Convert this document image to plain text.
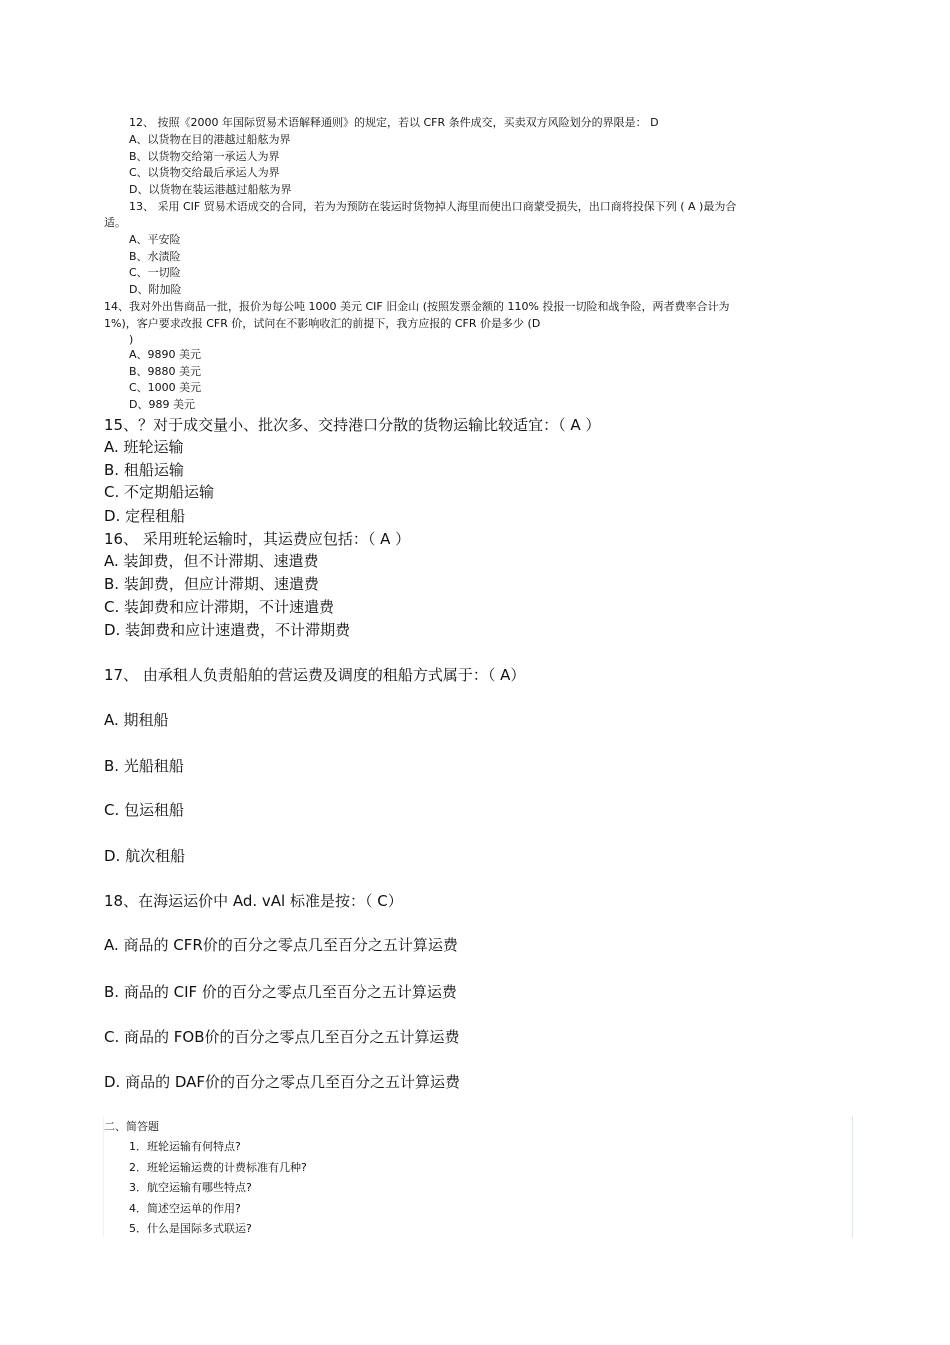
12、 按照《2000 年国际贸易术语解释通则》的规定，若以 CFR 条件成交，买卖双方风险划分的界限是： D
A、以货物在目的港越过船舷为界
B、以货物交给第一承运人为界
C、以货物交给最后承运人为界
D、以货物在装运港越过船舷为界
13、 采用 CIF 贸易术语成交的合同，若为为预防在装运时货物掉人海里而使出口商蒙受损失，出口商将投保下列 ( A )最为合
适。
A、平安险
B、水渍险
C、一切险
D、附加险
14、我对外出售商品一批，报价为每公吨 1000 美元 CIF 旧金山 (按照发票金额的 110% 投报一切险和战争险，两者费率合计为
1%)，客户要求改报 CFR 价，试问在不影响收汇的前提下，我方应报的 CFR 价是多少 (D
)
A、9890 美元
B、9880 美元
C、1000 美元
D、989 美元
15、？对于成交量小、批次多、交持港口分散的货物运输比较适宜：（ A ）
A. 班轮运输
B. 租船运输
C. 不定期船运输
D. 定程租船
16、 采用班轮运输时，其运费应包括：（ A ）
A. 装卸费，但不计滞期、速遣费
B. 装卸费，但应计滞期、速遣费
C. 装卸费和应计滞期，不计速遣费
D. 装卸费和应计速遣费，不计滞期费
17、 由承租人负责船舶的营运费及调度的租船方式属于：（ A）
A. 期租船
B. 光船租船
C. 包运租船
D. 航次租船
18、在海运运价中 Ad. vAl 标准是按：（ C）
A. 商品的 CFR价的百分之零点几至百分之五计算运费
B. 商品的 CIF 价的百分之零点几至百分之五计算运费
C. 商品的 FOB价的百分之零点几至百分之五计算运费
D. 商品的 DAF价的百分之零点几至百分之五计算运费
二、简答题
1．班轮运输有何特点?
2．班轮运输运费的计费标准有几种?
3．航空运输有哪些特点?
4．简述空运单的作用?
5．什么是国际多式联运?
